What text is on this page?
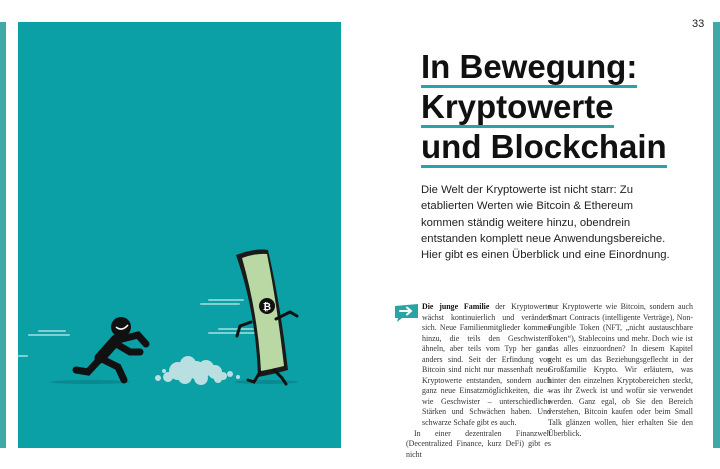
₿
33
In Bewegung:
Kryptowerte
und Blockchain
Die Welt der Kryptowerte ist nicht starr: Zu etablierten Werten wie Bitcoin & Ethereum kommen ständig weitere hinzu, obendrein entstanden komplett neue Anwendungsbereiche. Hier gibt es einen Überblick und eine Einordnung.

Die junge Familie der Kryptowerte wächst kontinuierlich und verändert sich. Neue Familienmitglieder kommen hinzu, die teils den Geschwistern ähneln, aber teils vom Typ her ganz anders sind. Seit der Erfindung von Bitcoin sind nicht nur massenhaft neue Kryptowerte entstanden, sondern auch ganz neue Einsatzmöglichkeiten, die – wie Geschwister – unterschiedliche Stärken und Schwächen haben. Und schwarze Schafe gibt es auch.

In einer dezentralen Finanzwelt (Decentralized Finance, kurz DeFi) gibt es nicht

nur Kryptowerte wie Bitcoin, sondern auch Smart Contracts (intelligente Verträge), Non-Fungible Token (NFT, „nicht austauschbare Token“), Stablecoins und mehr. Doch wie ist das alles einzuordnen? In diesem Kapitel geht es um das Beziehungsgeflecht in der Großfamilie Krypto. Wir erläutern, was hinter den einzelnen Kryptobereichen steckt, was ihr Zweck ist und wofür sie verwendet werden. Ganz egal, ob Sie den Bereich verstehen, Bitcoin kaufen oder beim Small Talk glänzen wollen, hier erhalten Sie den Überblick.
